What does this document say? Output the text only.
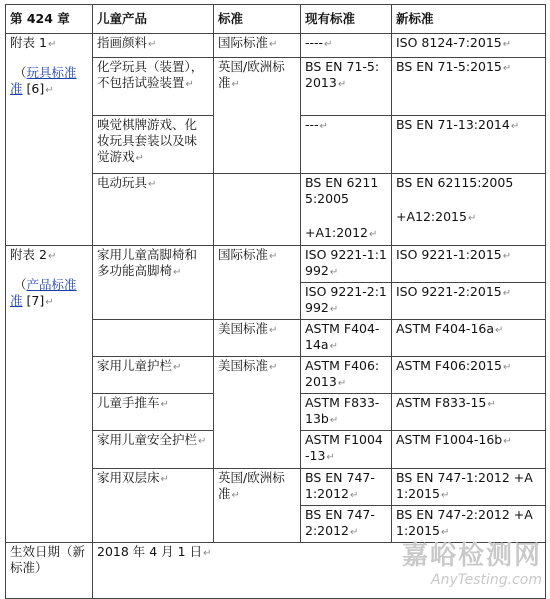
第 424 章	儿童产品	标准	现有标准	新标准
附表 1↵
（玩具标准
准 [6]↵	指画颜料↵	国际标准↵	----↵	ISO 8124-7:2015↵
	化学玩具（装置），不包括试验装置↵	英国/欧洲标准↵	BS EN 71-5:2013↵	BS EN 71-5:2015↵
	嗅觉棋牌游戏、化妆玩具套装以及味觉游戏↵		---↵	BS EN 71-13:2014↵
	电动玩具↵		BS EN 62115:2005
+A1:2012↵	BS EN 62115:2005
+A12:2015↵
附表 2↵
（产品标准
准 [7]↵	家用儿童高脚椅和多功能高脚椅↵	国际标准↵	ISO 9221-1:1992↵	ISO 9221-1:2015↵
			ISO 9221-2:1992↵	ISO 9221-2:2015↵
		美国标准↵	ASTM F404-14a↵	ASTM F404-16a↵
	家用儿童护栏↵	美国标准↵	ASTM F406:2013↵	ASTM F406:2015↵
	儿童手推车↵		ASTM F833-13b↵	ASTM F833-15↵
	家用儿童安全护栏↵		ASTM F1004-13↵	ASTM F1004-16b↵
	家用双层床↵	英国/欧洲标准↵	BS EN 747-1:2012↵	BS EN 747-1:2012 +A1:2015↵
			BS EN 747-2:2012↵	BS EN 747-2:2012 +A1:2015↵
生效日期（新标准）	2018 年 4 月 1 日↵				嘉峪检测网
AnyTesting.com
